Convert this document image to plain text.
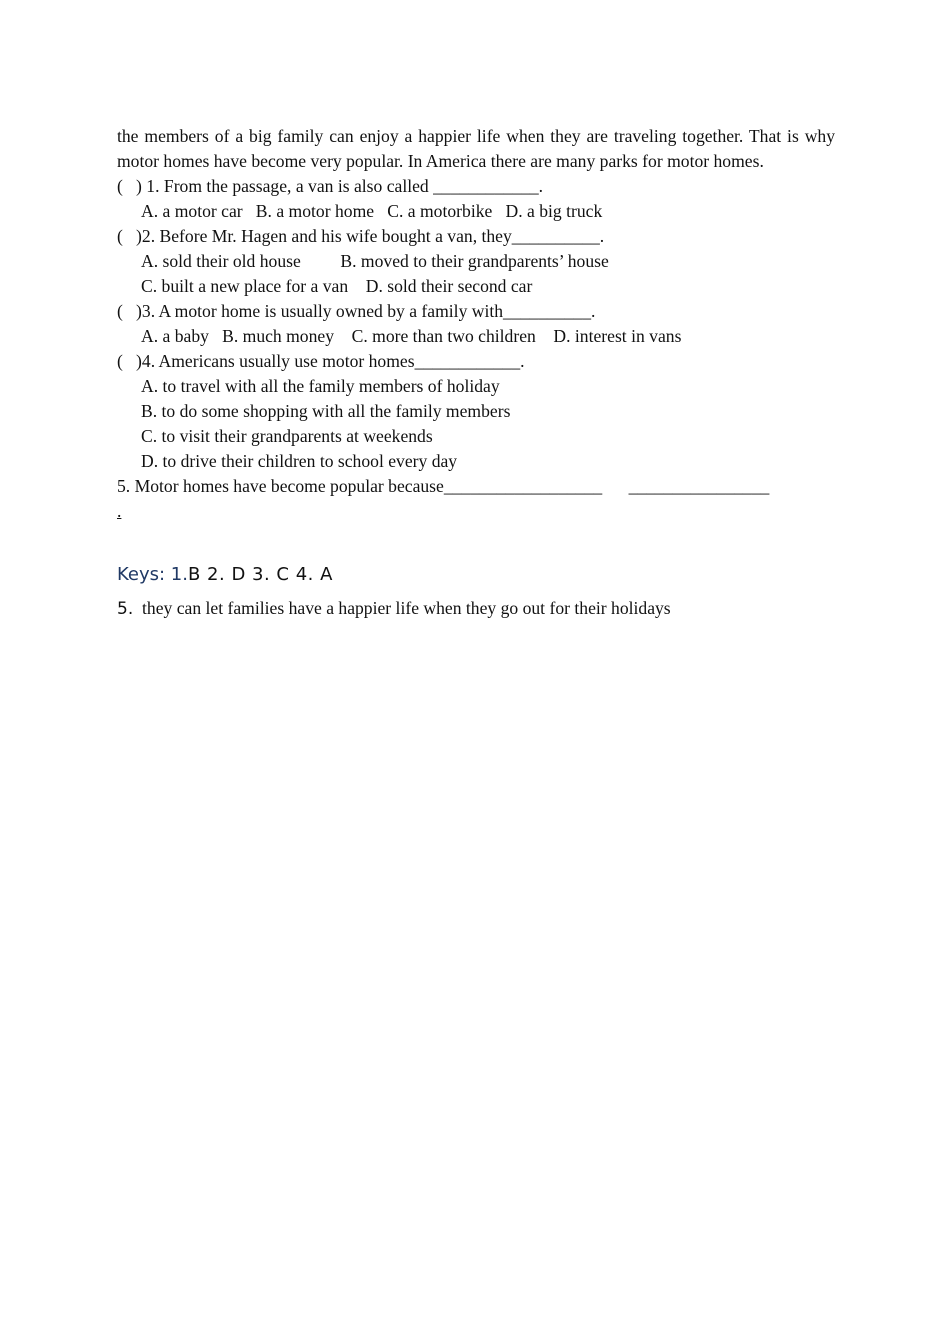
the members of a big family can enjoy a happier life when they are traveling together. That is why motor homes have become very popular. In America there are many parks for motor homes.
(   ) 1. From the passage, a van is also called ____________.
A. a motor car   B. a motor home   C. a motorbike   D. a big truck
(   )2. Before Mr. Hagen and his wife bought a van, they__________.
A. sold their old house         B. moved to their grandparents’ house
C. built a new place for a van    D. sold their second car
(   )3. A motor home is usually owned by a family with__________.
A. a baby   B. much money    C. more than two children    D. interest in vans
(   )4. Americans usually use motor homes____________.
A. to travel with all the family members of holiday
B. to do some shopping with all the family members
C. to visit their grandparents at weekends
D. to drive their children to school every day
5. Motor homes have become popular because__________________      ________________
.
Keys: 1.B 2. D 3. C 4. A
5.  they can let families have a happier life when they go out for their holidays
